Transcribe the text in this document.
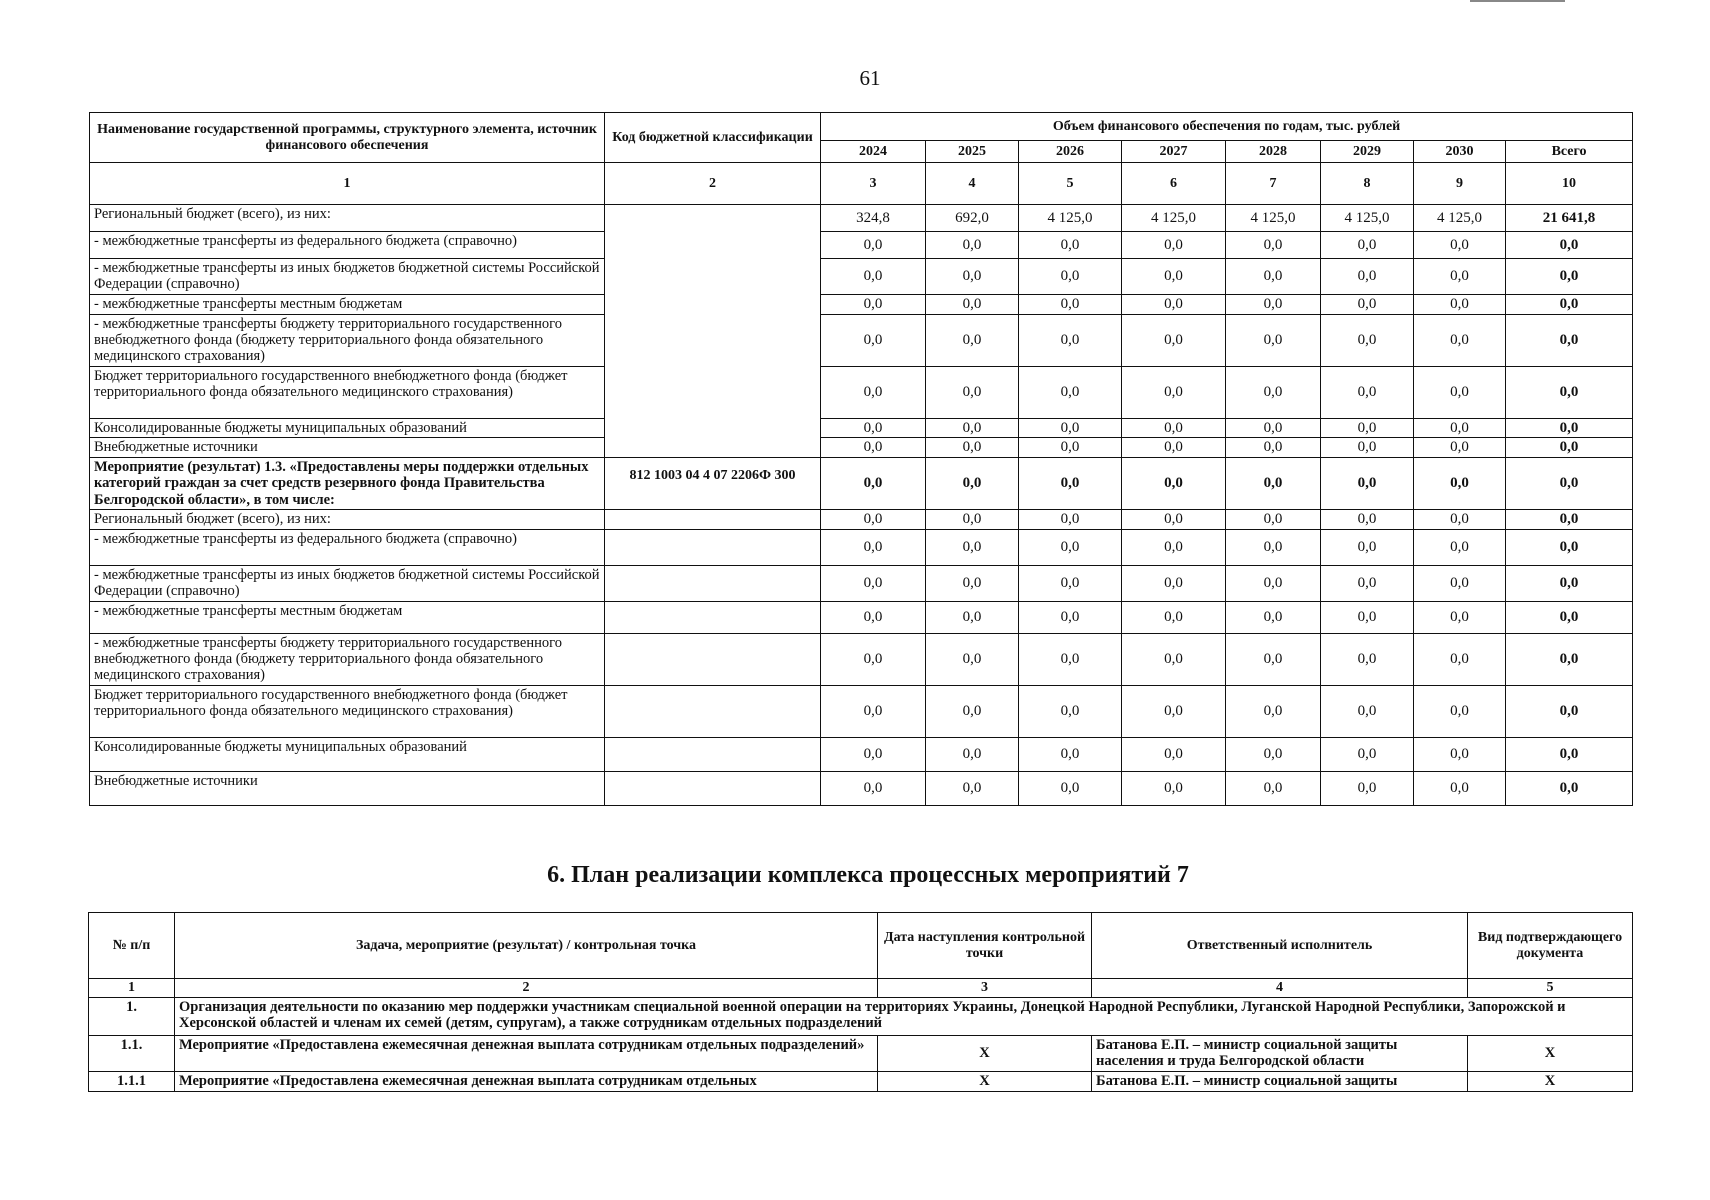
61
Наименование государственной программы, структурного элемента, источник финансового обеспечения	Код бюджетной классификации	Объем финансового обеспечения по годам, тыс. рублей							
		2024	2025	2026	2027	2028	2029	2030	Всего
1	2	3	4	5	6	7	8	9	10
Региональный бюджет (всего), из них:		324,8	692,0	4 125,0	4 125,0	4 125,0	4 125,0	4 125,0	21 641,8
- межбюджетные трансферты из федерального бюджета (справочно)		0,0	0,0	0,0	0,0	0,0	0,0	0,0	0,0
- межбюджетные трансферты из иных бюджетов бюджетной системы Российской Федерации (справочно)		0,0	0,0	0,0	0,0	0,0	0,0	0,0	0,0
- межбюджетные трансферты местным бюджетам		0,0	0,0	0,0	0,0	0,0	0,0	0,0	0,0
- межбюджетные трансферты бюджету территориального государственного внебюджетного фонда (бюджету территориального фонда обязательного медицинского страхования)		0,0	0,0	0,0	0,0	0,0	0,0	0,0	0,0
Бюджет территориального государственного внебюджетного фонда (бюджет территориального фонда обязательного медицинского страхования)		0,0	0,0	0,0	0,0	0,0	0,0	0,0	0,0
Консолидированные бюджеты муниципальных образований		0,0	0,0	0,0	0,0	0,0	0,0	0,0	0,0
Внебюджетные источники		0,0	0,0	0,0	0,0	0,0	0,0	0,0	0,0
Мероприятие (результат) 1.3. «Предоставлены меры поддержки отдельных категорий граждан за счет средств резервного фонда Правительства Белгородской области», в том числе:	812 1003 04 4 07 2206Ф 300	0,0	0,0	0,0	0,0	0,0	0,0	0,0	0,0
Региональный бюджет (всего), из них:		0,0	0,0	0,0	0,0	0,0	0,0	0,0	0,0
- межбюджетные трансферты из федерального бюджета (справочно)		0,0	0,0	0,0	0,0	0,0	0,0	0,0	0,0
- межбюджетные трансферты из иных бюджетов бюджетной системы Российской Федерации (справочно)		0,0	0,0	0,0	0,0	0,0	0,0	0,0	0,0
- межбюджетные трансферты местным бюджетам		0,0	0,0	0,0	0,0	0,0	0,0	0,0	0,0
- межбюджетные трансферты бюджету территориального государственного внебюджетного фонда (бюджету территориального фонда обязательного медицинского страхования)		0,0	0,0	0,0	0,0	0,0	0,0	0,0	0,0
Бюджет территориального государственного внебюджетного фонда (бюджет территориального фонда обязательного медицинского страхования)		0,0	0,0	0,0	0,0	0,0	0,0	0,0	0,0
Консолидированные бюджеты муниципальных образований		0,0	0,0	0,0	0,0	0,0	0,0	0,0	0,0
Внебюджетные источники		0,0	0,0	0,0	0,0	0,0	0,0	0,0	0,0
6. План реализации комплекса процессных мероприятий 7
№ п/п	Задача, мероприятие (результат) / контрольная точка	Дата наступления контрольной точки	Ответственный исполнитель	Вид подтверждающего документа
1	2	3	4	5
1.	Организация деятельности по оказанию мер поддержки участникам специальной военной операции на территориях Украины, Донецкой Народной Республики, Луганской Народной Республики, Запорожской и Херсонской областей и членам их семей (детям, супругам), а также сотрудникам отдельных подразделений			
1.1.	Мероприятие «Предоставлена ежемесячная денежная выплата сотрудникам отдельных подразделений»	Х	Батанова Е.П. – министр социальной защиты населения и труда Белгородской области	Х
1.1.1	Мероприятие «Предоставлена ежемесячная денежная выплата сотрудникам отдельных	Х	Батанова Е.П. – министр социальной защиты	Х
